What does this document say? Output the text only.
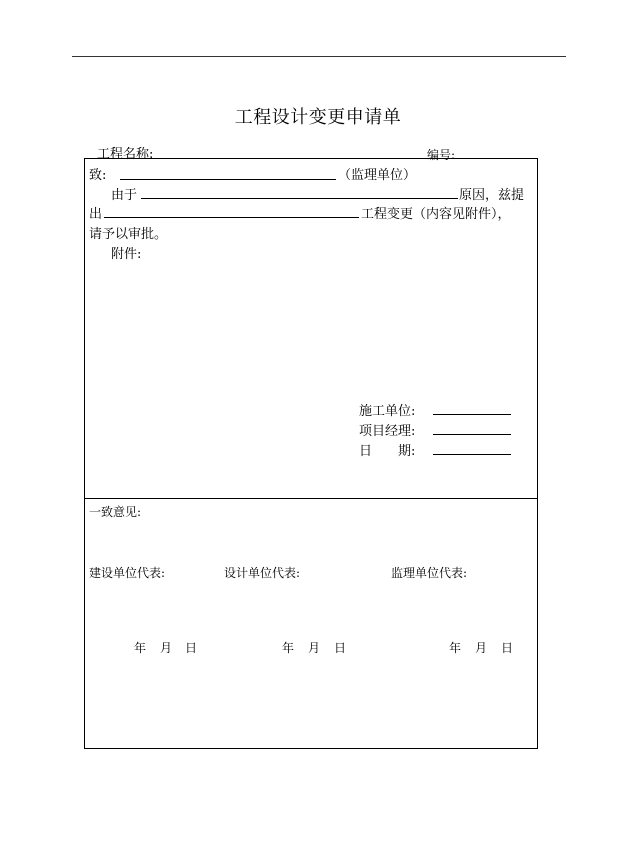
工程设计变更申请单
工程名称:	编号:
致:	（监理单位）
由于	原因，兹提
出	工程变更（内容见附件），
请予以审批。
附件:
施工单位:
项目经理:
日　　期:
一致意见:
建设单位代表:	设计单位代表:	监理单位代表:
年 月 日	年 月 日	年 月 日
